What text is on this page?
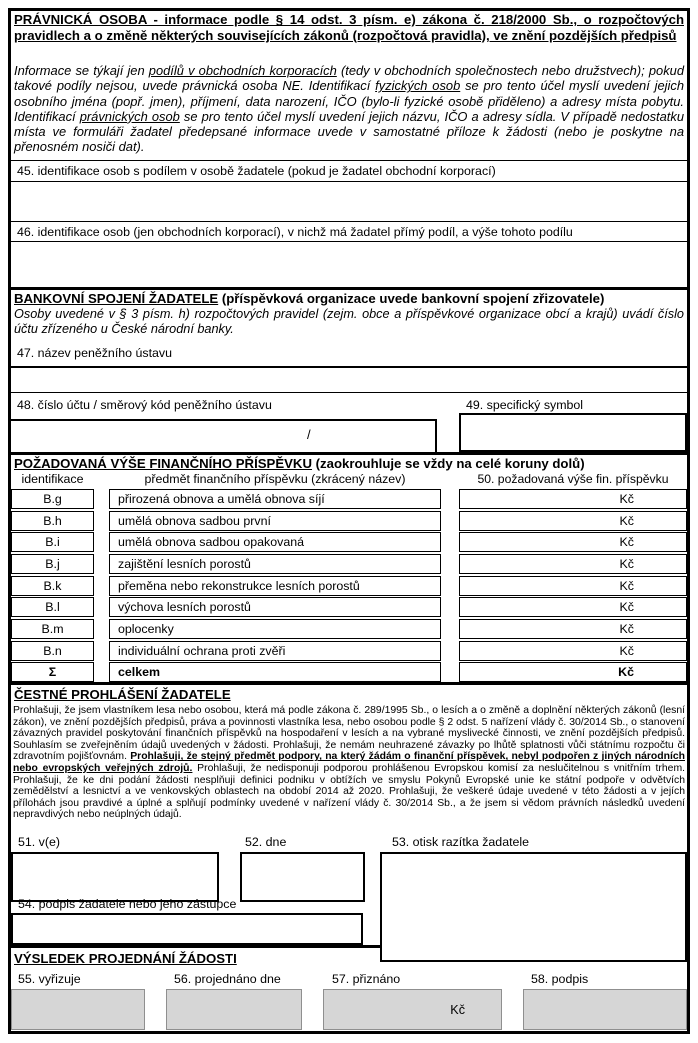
PRÁVNICKÁ OSOBA - informace podle § 14 odst. 3 písm. e) zákona č. 218/2000 Sb., o rozpočtových pravidlech a o změně některých souvisejících zákonů (rozpočtová pravidla), ve znění pozdějších předpisů
Informace se týkají jen podílů v obchodních korporacích (tedy v obchodních společnostech nebo družstvech); pokud takové podíly nejsou, uvede právnická osoba NE. Identifikací fyzických osob se pro tento účel myslí uvedení jejich osobního jména (popř. jmen), příjmení, data narození, IČO (bylo-li fyzické osobě přiděleno) a adresy místa pobytu. Identifikací právnických osob se pro tento účel myslí uvedení jejich názvu, IČO a adresy sídla. V případě nedostatku místa ve formuláři žadatel předepsané informace uvede v samostatné příloze k žádosti (nebo je poskytne na přenosném nosiči dat).
45. identifikace osob s podílem v osobě žadatele (pokud je žadatel obchodní korporací)
46. identifikace osob (jen obchodních korporací), v nichž má žadatel přímý podíl, a výše tohoto podílu
BANKOVNÍ SPOJENÍ ŽADATELE (příspěvková organizace uvede bankovní spojení zřizovatele)
Osoby uvedené v § 3 písm. h) rozpočtových pravidel (zejm. obce a příspěvkové organizace obcí a krajů) uvádí číslo účtu zřízeného u České národní banky.
47. název peněžního ústavu
48. číslo účtu / směrový kód peněžního ústavu	49. specifický symbol
/
POŽADOVANÁ VÝŠE FINANČNÍHO PŘÍSPĚVKU (zaokrouhluje se vždy na celé koruny dolů)
identifikace	předmět finančního příspěvku (zkrácený název)	50. požadovaná výše fin. příspěvku
B.g	přirozená obnova a umělá obnova síjí	Kč
B.h	umělá obnova sadbou první	Kč
B.i	umělá obnova sadbou opakovaná	Kč
B.j	zajištění lesních porostů	Kč
B.k	přeměna nebo rekonstrukce lesních porostů	Kč
B.l	výchova lesních porostů	Kč
B.m	oplocenky	Kč
B.n	individuální ochrana proti zvěři	Kč
Σ	celkem	Kč
ČESTNÉ PROHLÁŠENÍ ŽADATELE
Prohlašuji, že jsem vlastníkem lesa nebo osobou, která má podle zákona č. 289/1995 Sb., o lesích a o změně a doplnění některých zákonů (lesní zákon), ve znění pozdějších předpisů, práva a povinnosti vlastníka lesa, nebo osobou podle § 2 odst. 5 nařízení vlády č. 30/2014 Sb., o stanovení závazných pravidel poskytování finančních příspěvků na hospodaření v lesích a na vybrané myslivecké činnosti, ve znění pozdějších předpisů. Souhlasím se zveřejněním údajů uvedených v žádosti. Prohlašuji, že nemám neuhrazené závazky po lhůtě splatnosti vůči státnímu rozpočtu či zdravotním pojišťovnám. Prohlašuji, že stejný předmět podpory, na který žádám o finanční příspěvek, nebyl podpořen z jiných národních nebo evropských veřejných zdrojů. Prohlašuji, že nedisponuji podporou prohlášenou Evropskou komisí za neslučitelnou s vnitřním trhem. Prohlašuji, že ke dni podání žádosti nesplňuji definici podniku v obtížích ve smyslu Pokynů Evropské unie ke státní podpoře v odvětvích zemědělství a lesnictví a ve venkovských oblastech na období 2014 až 2020. Prohlašuji, že veškeré údaje uvedené v této žádosti a v jejích přílohách jsou pravdivé a úplné a splňují podmínky uvedené v nařízení vlády č. 30/2014 Sb., a že jsem si vědom právních následků uvedení nepravdivých nebo neúplných údajů.
51. v(e)	52. dne	53. otisk razítka žadatele
54. podpis žadatele nebo jeho zástupce
VÝSLEDEK PROJEDNÁNÍ ŽÁDOSTI
55. vyřizuje	56. projednáno dne	57. přiznáno	58. podpis
Kč
